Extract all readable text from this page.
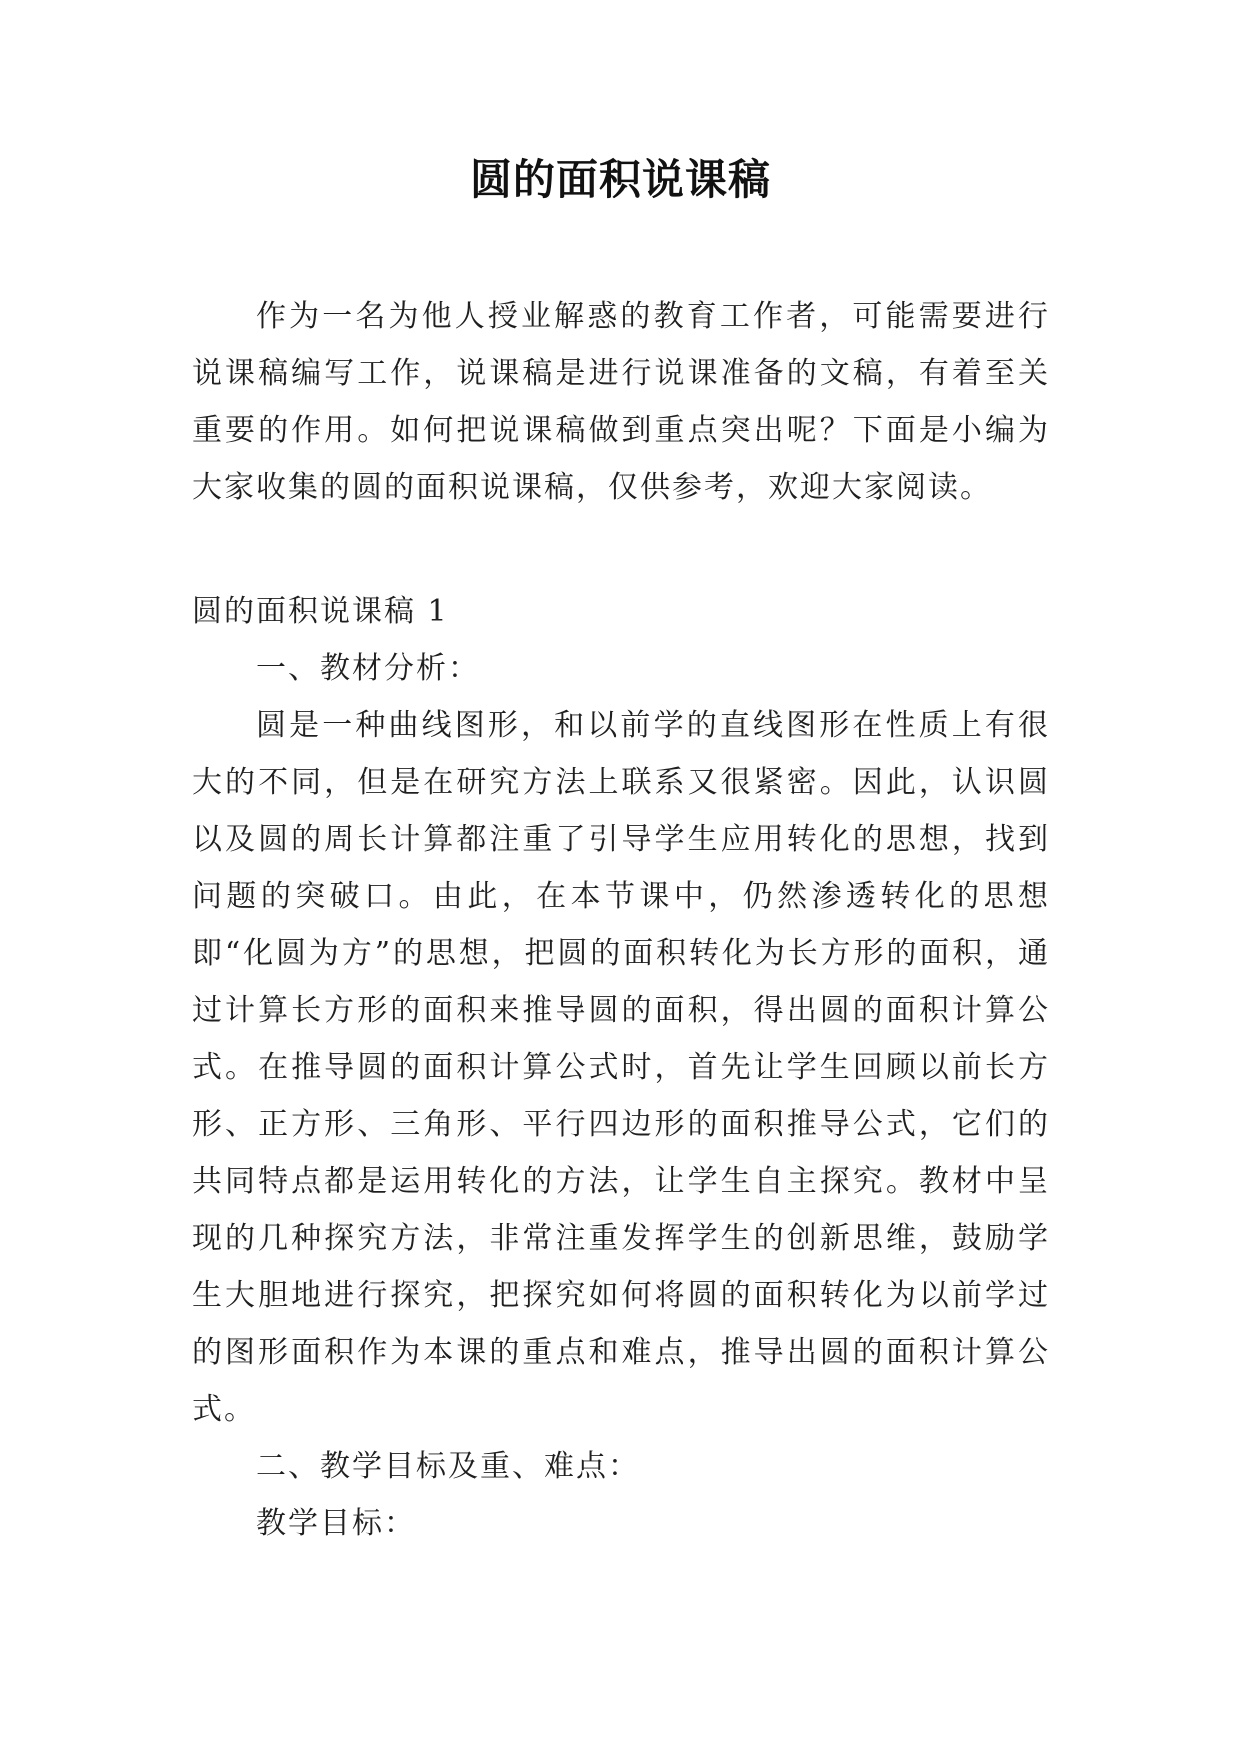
圆的面积说课稿

作为一名为他人授业解惑的教育工作者，可能需要进行说课稿编写工作，说课稿是进行说课准备的文稿，有着至关重要的作用。如何把说课稿做到重点突出呢？下面是小编为大家收集的圆的面积说课稿，仅供参考，欢迎大家阅读。

圆的面积说课稿 1

一、教材分析：

圆是一种曲线图形，和以前学的直线图形在性质上有很大的不同，但是在研究方法上联系又很紧密。因此，认识圆以及圆的周长计算都注重了引导学生应用转化的思想，找到问题的突破口。由此，在本节课中，仍然渗透转化的思想即“化圆为方”的思想，把圆的面积转化为长方形的面积，通过计算长方形的面积来推导圆的面积，得出圆的面积计算公式。在推导圆的面积计算公式时，首先让学生回顾以前长方形、正方形、三角形、平行四边形的面积推导公式，它们的共同特点都是运用转化的方法，让学生自主探究。教材中呈现的几种探究方法，非常注重发挥学生的创新思维，鼓励学生大胆地进行探究，把探究如何将圆的面积转化为以前学过的图形面积作为本课的重点和难点，推导出圆的面积计算公式。

二、教学目标及重、难点：

教学目标：
